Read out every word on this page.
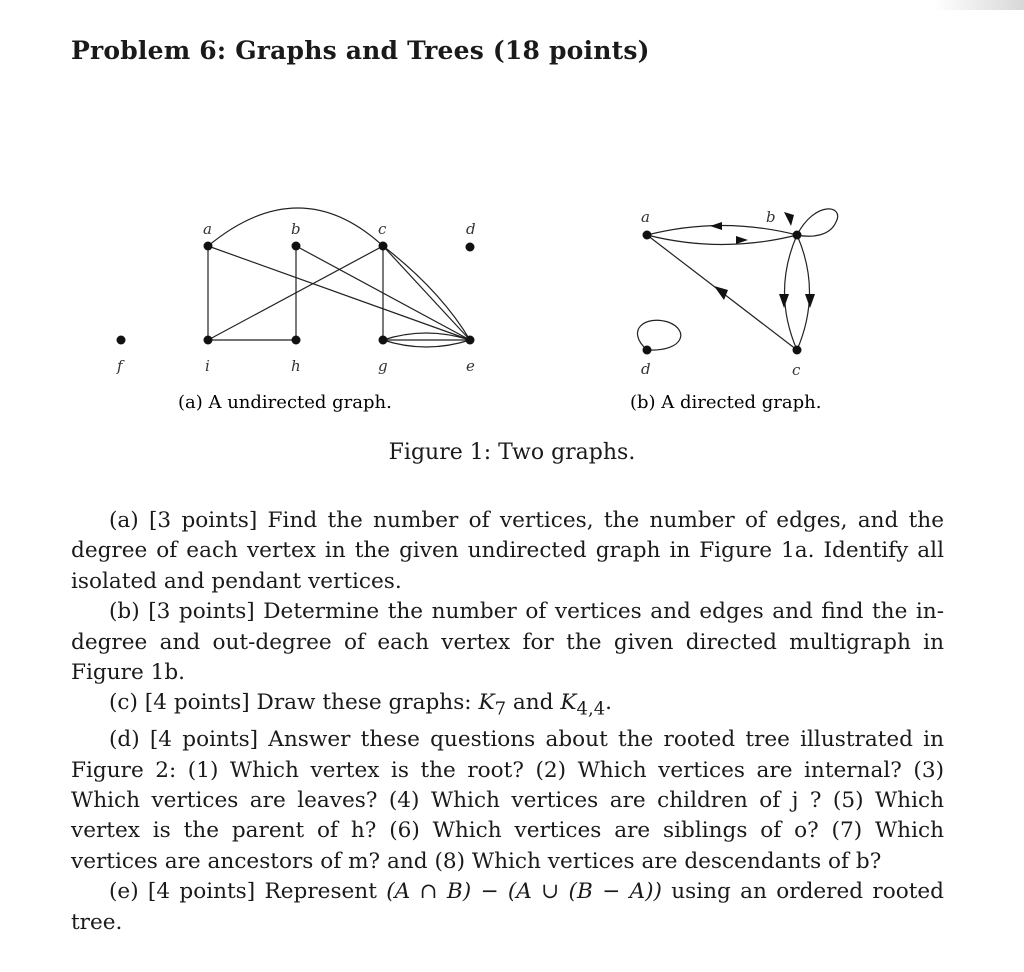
Problem 6: Graphs and Trees (18 points)
a	b	c	d
f	i	h	g	e
(a) A undirected graph.
a	b
c
d
(b) A directed graph.
Figure 1: Two graphs.

(a) [3 points] Find the number of vertices, the number of edges, and the degree of each vertex in the given undirected graph in Figure 1a. Identify all isolated and pendant vertices.

(b) [3 points] Determine the number of vertices and edges and find the in-degree and out-degree of each vertex for the given directed multigraph in Figure 1b.

(c) [4 points] Draw these graphs: $K_7$ and $K_{4,4}$.

(d) [4 points] Answer these questions about the rooted tree illustrated in Figure 2: (1) Which vertex is the root? (2) Which vertices are internal? (3) Which vertices are leaves? (4) Which vertices are children of j ? (5) Which vertex is the parent of h? (6) Which vertices are siblings of o? (7) Which vertices are ancestors of m? and (8) Which vertices are descendants of b?

(e) [4 points] Represent (A ∩ B) − (A ∪ (B − A)) using an ordered rooted tree.
